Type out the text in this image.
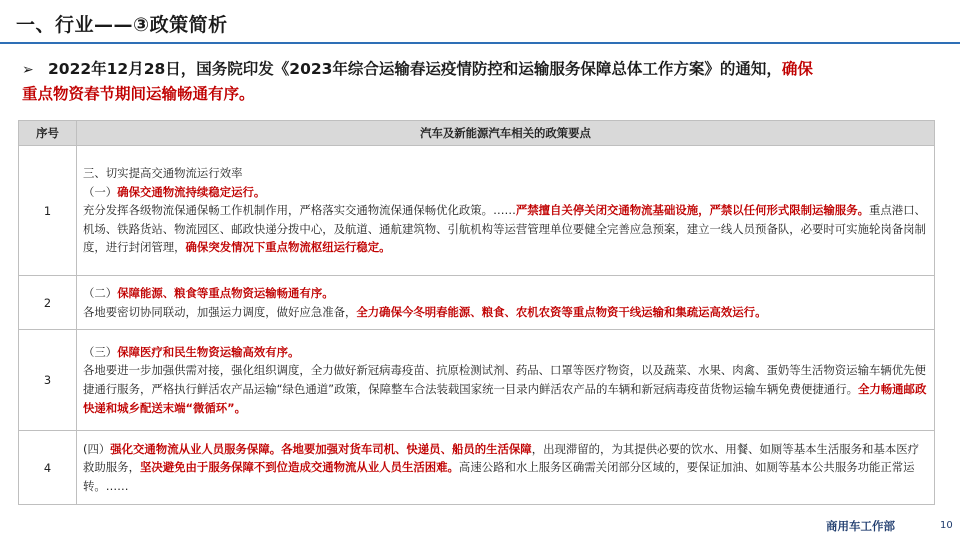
一、行业——③政策简析
➢ 2022年12月28日，国务院印发《2023年综合运输春运疫情防控和运输服务保障总体工作方案》的通知，确保
重点物资春节期间运输畅通有序。
序号	汽车及新能源汽车相关的政策要点
1	三、切实提高交通物流运行效率
（一）确保交通物流持续稳定运行。
充分发挥各级物流保通保畅工作机制作用，严格落实交通物流保通保畅优化政策。……严禁擅自关停关闭交通物流基础设施，严禁以任何形式限制运输服务。重点港口、机场、铁路货站、物流园区、邮政快递分拨中心，及航道、通航建筑物、引航机构等运营管理单位要健全完善应急预案，建立一线人员预备队，必要时可实施轮岗备岗制度，进行封闭管理，确保突发情况下重点物流枢纽运行稳定。

2	（二）保障能源、粮食等重点物资运输畅通有序。
各地要密切协同联动，加强运力调度，做好应急准备，全力确保今冬明春能源、粮食、农机农资等重点物资干线运输和集疏运高效运行。

3	（三）保障医疗和民生物资运输高效有序。
各地要进一步加强供需对接，强化组织调度，全力做好新冠病毒疫苗、抗原检测试剂、药品、口罩等医疗物资，以及蔬菜、水果、肉禽、蛋奶等生活物资运输车辆优先便捷通行服务，严格执行鲜活农产品运输“绿色通道”政策，保障整车合法装载国家统一目录内鲜活农产品的车辆和新冠病毒疫苗货物运输车辆免费便捷通行。全力畅通邮政快递和城乡配送末端“微循环”。

4	(四）强化交通物流从业人员服务保障。各地要加强对货车司机、快递员、船员的生活保障，出现滞留的，为其提供必要的饮水、用餐、如厕等基本生活服务和基本医疗救助服务，坚决避免由于服务保障不到位造成交通物流从业人员生活困难。高速公路和水上服务区确需关闭部分区域的，要保证加油、如厕等基本公共服务功能正常运转。……
商用车工作部	10
